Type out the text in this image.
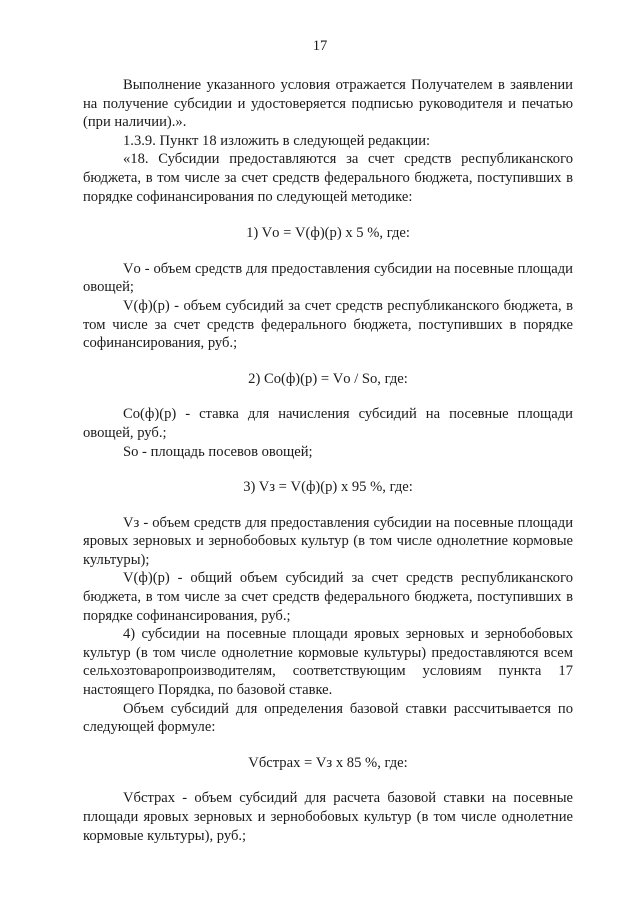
17

Выполнение указанного условия отражается Получателем в заявлении на получение субсидии и удостоверяется подписью руководителя и печатью (при наличии).».

1.3.9. Пункт 18 изложить в следующей редакции:

«18. Субсидии предоставляются за счет средств республиканского бюджета, в том числе за счет средств федерального бюджета, поступивших в порядке софинансирования по следующей методике:

1) Vо = V(ф)(р) x 5 %, где:

Vо - объем средств для предоставления субсидии на посевные площади овощей;

V(ф)(р) - объем субсидий за счет средств республиканского бюджета, в том числе за счет средств федерального бюджета, поступивших в порядке софинансирования, руб.;

2) Cо(ф)(р) = Vо / Sо, где:

Cо(ф)(р) - ставка для начисления субсидий на посевные площади овощей, руб.;

Sо - площадь посевов овощей;

3) Vз = V(ф)(р) x 95 %, где:

Vз - объем средств для предоставления субсидии на посевные площади яровых зерновых и зернобобовых культур (в том числе однолетние кормовые культуры);

V(ф)(р) - общий объем субсидий за счет средств республиканского бюджета, в том числе за счет средств федерального бюджета, поступивших в порядке софинансирования, руб.;

4) субсидии на посевные площади яровых зерновых и зернобобовых культур (в том числе однолетние кормовые культуры) предоставляются всем сельхозтоваропроизводителям, соответствующим условиям пункта 17 настоящего Порядка, по базовой ставке.

Объем субсидий для определения базовой ставки рассчитывается по следующей формуле:

Vбстрах = Vз x 85 %, где:

Vбстрах - объем субсидий для расчета базовой ставки на посевные площади яровых зерновых и зернобобовых культур (в том числе однолетние кормовые культуры), руб.;
